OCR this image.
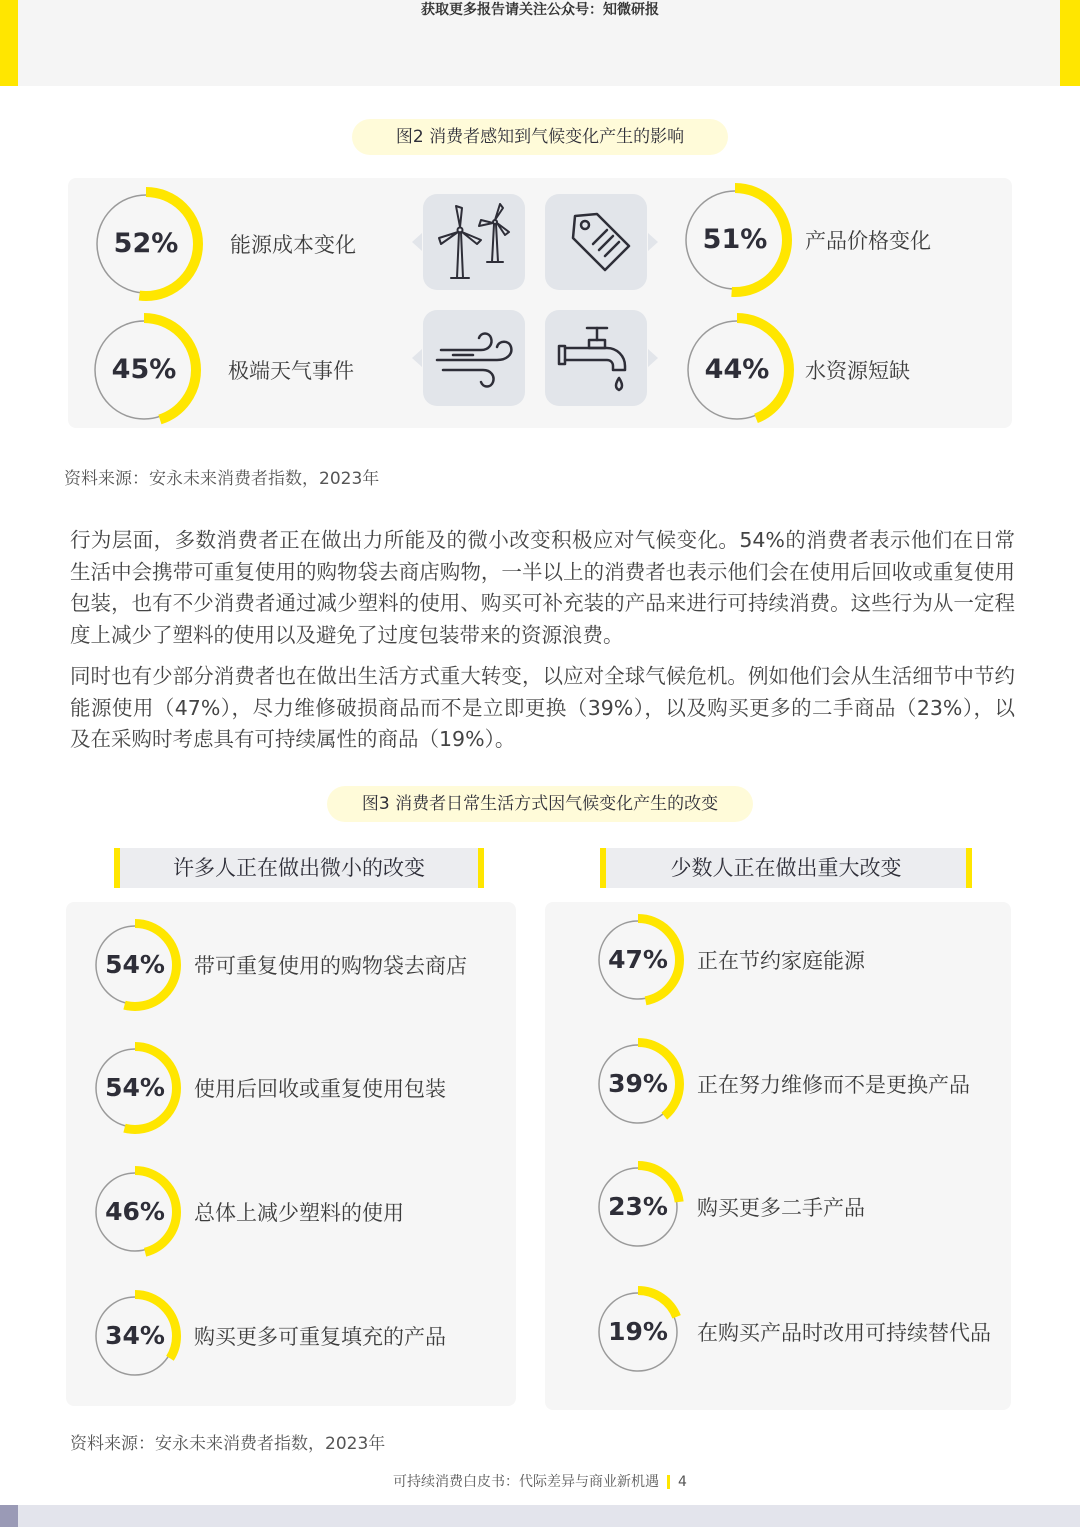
获取更多报告请关注公众号：知微研报
图2 消费者感知到气候变化产生的影响
52%	能源成本变化
45%	极端天气事件
51%	产品价格变化
44%	水资源短缺
资料来源：安永未来消费者指数，2023年
行为层面，多数消费者正在做出力所能及的微小改变积极应对气候变化。54%的消费者表示他们在日常生活中会携带可重复使用的购物袋去商店购物，一半以上的消费者也表示他们会在使用后回收或重复使用包装，也有不少消费者通过减少塑料的使用、购买可补充装的产品来进行可持续消费。这些行为从一定程度上减少了塑料的使用以及避免了过度包装带来的资源浪费。
同时也有少部分消费者也在做出生活方式重大转变，以应对全球气候危机。例如他们会从生活细节中节约能源使用（47%），尽力维修破损商品而不是立即更换（39%），以及购买更多的二手商品（23%），以及在采购时考虑具有可持续属性的商品（19%）。
图3 消费者日常生活方式因气候变化产生的改变
许多人正在做出微小的改变	少数人正在做出重大改变
54%	带可重复使用的购物袋去商店
54%	使用后回收或重复使用包装
46%	总体上减少塑料的使用
34%	购买更多可重复填充的产品
47%	正在节约家庭能源
39%	正在努力维修而不是更换产品
23%	购买更多二手产品
19%	在购买产品时改用可持续替代品
资料来源：安永未来消费者指数，2023年
可持续消费白皮书：代际差异与商业新机遇 4
